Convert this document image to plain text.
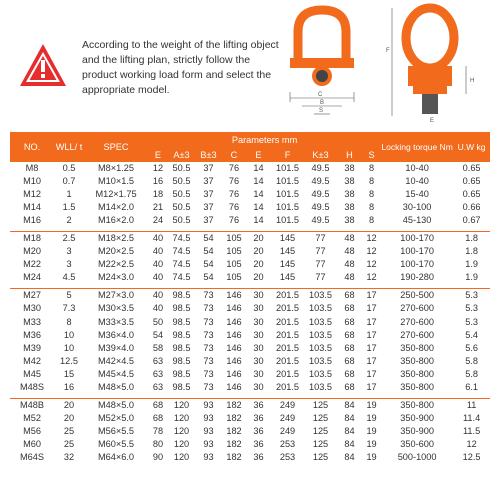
According to the weight of the lifting object and the lifting plan, strictly follow the product working load form and select the appropriate model.	C
B
S
F
E
H
NO.	WLL/ t	SPEC	Parameters mm									Locking torque Nm	U.W kg
			E	A±3	B±3	C	E	F	K±3	H	S		
M8	0.5	M8×1.25	12	50.5	37	76	14	101.5	49.5	38	8	10-40	0.65
M10	0.7	M10×1.5	16	50.5	37	76	14	101.5	49.5	38	8	10-40	0.65
M12	1	M12×1.75	18	50.5	37	76	14	101.5	49.5	38	8	15-40	0.65
M14	1.5	M14×2.0	21	50.5	37	76	14	101.5	49.5	38	8	30-100	0.66
M16	2	M16×2.0	24	50.5	37	76	14	101.5	49.5	38	8	45-130	0.67

M18	2.5	M18×2.5	40	74.5	54	105	20	145	77	48	12	100-170	1.8
M20	3	M20×2.5	40	74.5	54	105	20	145	77	48	12	100-170	1.8
M22	3	M22×2.5	40	74.5	54	105	20	145	77	48	12	100-170	1.9
M24	4.5	M24×3.0	40	74.5	54	105	20	145	77	48	12	190-280	1.9

M27	5	M27×3.0	40	98.5	73	146	30	201.5	103.5	68	17	250-500	5.3
M30	7.3	M30×3.5	40	98.5	73	146	30	201.5	103.5	68	17	270-600	5.3
M33	8	M33×3.5	50	98.5	73	146	30	201.5	103.5	68	17	270-600	5.3
M36	10	M36×4.0	54	98.5	73	146	30	201.5	103.5	68	17	270-600	5.4
M39	10	M39×4.0	58	98.5	73	146	30	201.5	103.5	68	17	350-800	5.6
M42	12.5	M42×4.5	63	98.5	73	146	30	201.5	103.5	68	17	350-800	5.8
M45	15	M45×4.5	63	98.5	73	146	30	201.5	103.5	68	17	350-800	5.8
M48S	16	M48×5.0	63	98.5	73	146	30	201.5	103.5	68	17	350-800	6.1

M48B	20	M48×5.0	68	120	93	182	36	249	125	84	19	350-800	11
M52	20	M52×5.0	68	120	93	182	36	249	125	84	19	350-900	11.4
M56	25	M56×5.5	78	120	93	182	36	249	125	84	19	350-900	11.5
M60	25	M60×5.5	80	120	93	182	36	253	125	84	19	350-600	12
M64S	32	M64×6.0	90	120	93	182	36	253	125	84	19	500-1000	12.5
